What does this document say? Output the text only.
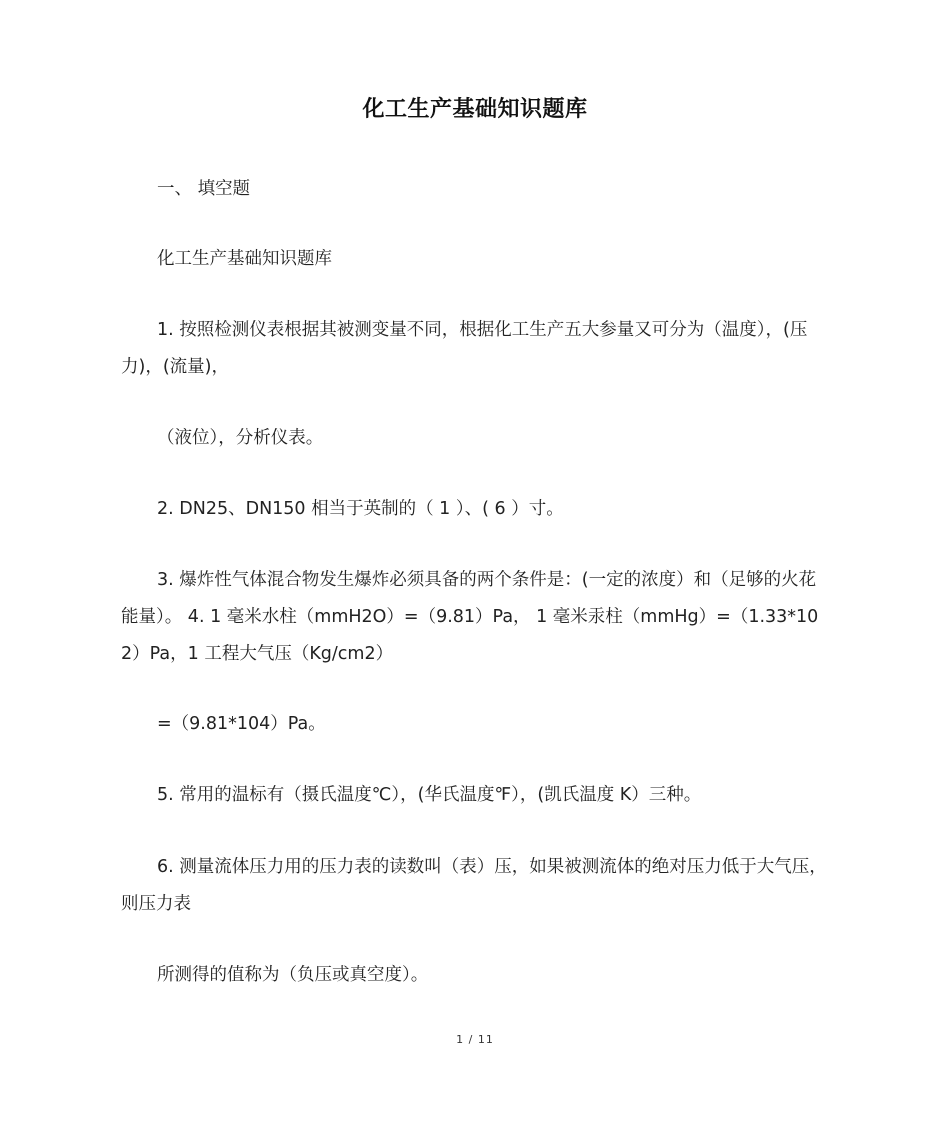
化工生产基础知识题库
一、 填空题
化工生产基础知识题库
1. 按照检测仪表根据其被测变量不同，根据化工生产五大参量又可分为（温度），(压力)，(流量)，
（液位），分析仪表。
2. DN25、DN150 相当于英制的（ 1 ）、( 6 ）寸。
3. 爆炸性气体混合物发生爆炸必须具备的两个条件是：(一定的浓度）和（足够的火花能量）。 4. 1 毫米水柱（mmH2O）=（9.81）Pa， 1 毫米汞柱（mmHg）=（1.33*102）Pa，1 工程大气压（Kg/cm2）
=（9.81*104）Pa。
5. 常用的温标有（摄氏温度℃），(华氏温度℉），(凯氏温度 K）三种。
6. 测量流体压力用的压力表的读数叫（表）压，如果被测流体的绝对压力低于大气压，则压力表
所测得的值称为（负压或真空度）。
1 / 11
